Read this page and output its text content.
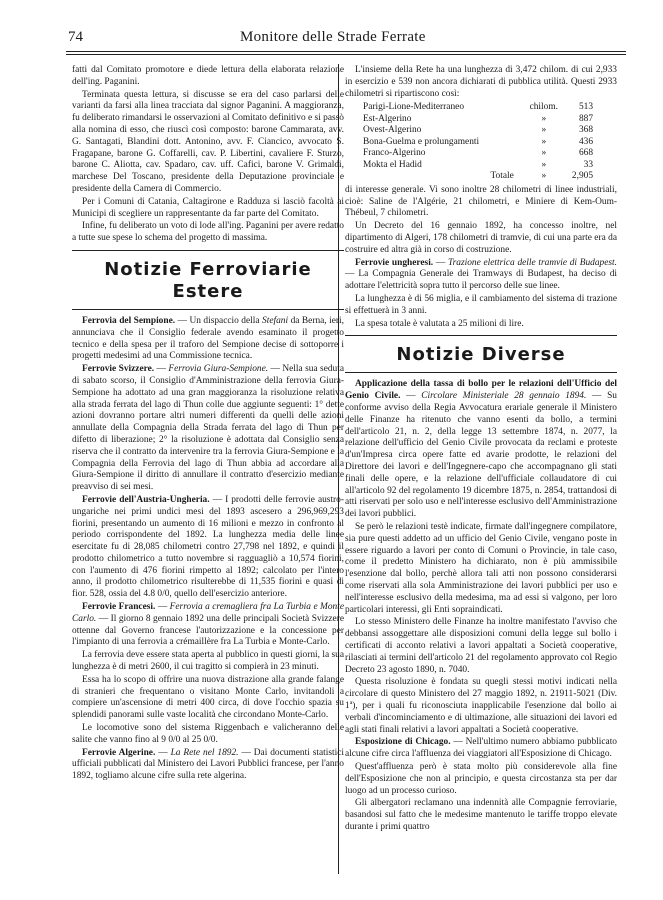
74	Monitore delle Strade Ferrate

fatti dal Comitato promotore e diede lettura della elaborata relazione dell'ing. Paganini.

Terminata questa lettura, si discusse se era del caso parlarsi delle varianti da farsi alla linea tracciata dal signor Paganini. A maggioranza, fu deliberato rimandarsi le osservazioni al Comitato definitivo e si passò alla nomina di esso, che riuscì così composto: barone Cammarata, avv. G. Santagati, Blandini dott. Antonino, avv. F. Ciancico, avvocato S. Fragapane, barone G. Coffarelli, cav. P. Libertini, cavaliere F. Sturzo, barone C. Aliotta, cav. Spadaro, cav. uff. Cafici, barone V. Grimaldi, marchese Del Toscano, presidente della Deputazione provinciale e presidente della Camera di Commercio.

Per i Comuni di Catania, Caltagirone e Radduza si lasciò facoltà ai Municipi di scegliere un rappresentante da far parte del Comitato.

Infine, fu deliberato un voto di lode all'ing. Paganini per avere redatto a tutte sue spese lo schema del progetto di massima.

Notizie Ferroviarie Estere

Ferrovia del Sempione. — Un dispaccio della Stefani da Berna, ieri, annunciava che il Consiglio federale avendo esaminato il progetto tecnico e della spesa per il traforo del Sempione decise di sottoporre i progetti medesimi ad una Commissione tecnica.

Ferrovie Svizzere. — Ferrovia Giura-Sempione. — Nella sua seduta di sabato scorso, il Consiglio d'Amministrazione della ferrovia Giura-Sempione ha adottato ad una gran maggioranza la risoluzione relativa alla strada ferrata del lago di Thun colle due aggiunte seguenti: 1° dette azioni dovranno portare altri numeri differenti da quelli delle azioni annullate della Compagnia della Strada ferrata del lago di Thun per difetto di liberazione; 2° la risoluzione è adottata dal Consiglio senza riserva che il contratto da intervenire tra la ferrovia Giura-Sempione e la Compagnia della Ferrovia del lago di Thun abbia ad accordare alla Giura-Sempione il diritto di annullare il contratto d'esercizio mediante preavviso di sei mesi.

Ferrovie dell'Austria-Ungheria. — I prodotti delle ferrovie austro-ungariche nei primi undici mesi del 1893 ascesero a 296,969,293 fiorini, presentando un aumento di 16 milioni e mezzo in confronto al periodo corrispondente del 1892. La lunghezza media delle linee esercitate fu di 28,085 chilometri contro 27,798 nel 1892, e quindi il prodotto chilometrico a tutto novembre si ragguagliò a 10,574 fiorini, con l'aumento di 476 fiorini rimpetto al 1892; calcolato per l'intero anno, il prodotto chilometrico risulterebbe di 11,535 fiorini e quasi di fior. 528, ossia del 4.8 0/0, quello dell'esercizio anteriore.

Ferrovie Francesi. — Ferrovia a cremagliera fra La Turbia e Monte Carlo. — Il giorno 8 gennaio 1892 una delle principali Società Svizzere ottenne dal Governo francese l'autorizzazione e la concessione per l'impianto di una ferrovia a crémaillère fra La Turbia e Monte-Carlo.

La ferrovia deve essere stata aperta al pubblico in questi giorni, la sua lunghezza è di metri 2600, il cui tragitto si compierà in 23 minuti.

Essa ha lo scopo di offrire una nuova distrazione alla grande falange di stranieri che frequentano o visitano Monte Carlo, invitandoli a compiere un'ascensione di metri 400 circa, di dove l'occhio spazia su splendidi panorami sulle vaste località che circondano Monte-Carlo.

Le locomotive sono del sistema Riggenbach e valicheranno delle salite che vanno fino al 9 0/0 al 25 0/0.

Ferrovie Algerine. — La Rete nel 1892. — Dai documenti statistici ufficiali pubblicati dal Ministero dei Lavori Pubblici francese, per l'anno 1892, togliamo alcune cifre sulla rete algerina.

L'insieme della Rete ha una lunghezza di 3,472 chilom. di cui 2,933 in esercizio e 539 non ancora dichiarati di pubblica utilità. Questi 2933 chilometri si ripartiscono così:

Parigi-Lione-Mediterraneo	chilom.	513
Est-Algerino	»	887
Ovest-Algerino	»	368
Bona-Guelma e prolungamenti	»	436
Franco-Algerino	»	668
Mokta el Hadid	»	33
Totale	»	2,905

di interesse generale. Vi sono inoltre 28 chilometri di linee industriali, cioè: Saline de l'Algérie, 21 chilometri, e Miniere di Kem-Oum-Thébeul, 7 chilometri.

Un Decreto del 16 gennaio 1892, ha concesso inoltre, nel dipartimento di Algeri, 178 chilometri di tramvie, di cui una parte era da costruire ed altra già in corso di costruzione.

Ferrovie ungheresi. — Trazione elettrica delle tramvie di Budapest. — La Compagnia Generale dei Tramways di Budapest, ha deciso di adottare l'elettricità sopra tutto il percorso delle sue linee.

La lunghezza è di 56 miglia, e il cambiamento del sistema di trazione si effettuerà in 3 anni.

La spesa totale è valutata a 25 milioni di lire.

Notizie Diverse

Applicazione della tassa di bollo per le relazioni dell'Ufficio del Genio Civile. — Circolare Ministeriale 28 gennaio 1894. — Su conforme avviso della Regia Avvocatura erariale generale il Ministero delle Finanze ha ritenuto che vanno esenti da bollo, a termini dell'articolo 21, n. 2, della legge 13 settembre 1874, n. 2077, la relazione dell'ufficio del Genio Civile provocata da reclami e proteste d'un'Impresa circa opere fatte ed avarie prodotte, le relazioni del Direttore dei lavori e dell'Ingegnere-capo che accompagnano gli stati finali delle opere, e la relazione dell'ufficiale collaudatore di cui all'articolo 92 del regolamento 19 dicembre 1875, n. 2854, trattandosi di atti riservati per solo uso e nell'interesse esclusivo dell'Amministrazione dei lavori pubblici.

Se però le relazioni testè indicate, firmate dall'ingegnere compilatore, sia pure questi addetto ad un ufficio del Genio Civile, vengano poste in essere riguardo a lavori per conto di Comuni o Provincie, in tale caso, come il predetto Ministero ha dichiarato, non è più ammissibile l'esenzione dal bollo, perchè allora tali atti non possono considerarsi come riservati alla sola Amministrazione dei lavori pubblici per uso e nell'interesse esclusivo della medesima, ma ad essi si valgono, per loro particolari interessi, gli Enti sopraindicati.

Lo stesso Ministero delle Finanze ha inoltre manifestato l'avviso che debbansi assoggettare alle disposizioni comuni della legge sul bollo i certificati di acconto relativi a lavori appaltati a Società cooperative, rilasciati ai termini dell'articolo 21 del regolamento approvato col Regio Decreto 23 agosto 1890, n. 7040.

Questa risoluzione è fondata su quegli stessi motivi indicati nella circolare di questo Ministero del 27 maggio 1892, n. 21911-5021 (Div. 1ª), per i quali fu riconosciuta inapplicabile l'esenzione dal bollo ai verbali d'incominciamento e di ultimazione, alle situazioni dei lavori ed agli stati finali relativi a lavori appaltati a Società cooperative.

Esposizione di Chicago. — Nell'ultimo numero abbiamo pubblicato alcune cifre circa l'affluenza dei viaggiatori all'Esposizione di Chicago.

Quest'affluenza però è stata molto più considerevole alla fine dell'Esposizione che non al principio, e questa circostanza sta per dar luogo ad un processo curioso.

Gli albergatori reclamano una indennità alle Compagnie ferroviarie, basandosi sul fatto che le medesime mantenuto le tariffe troppo elevate durante i primi quattro
